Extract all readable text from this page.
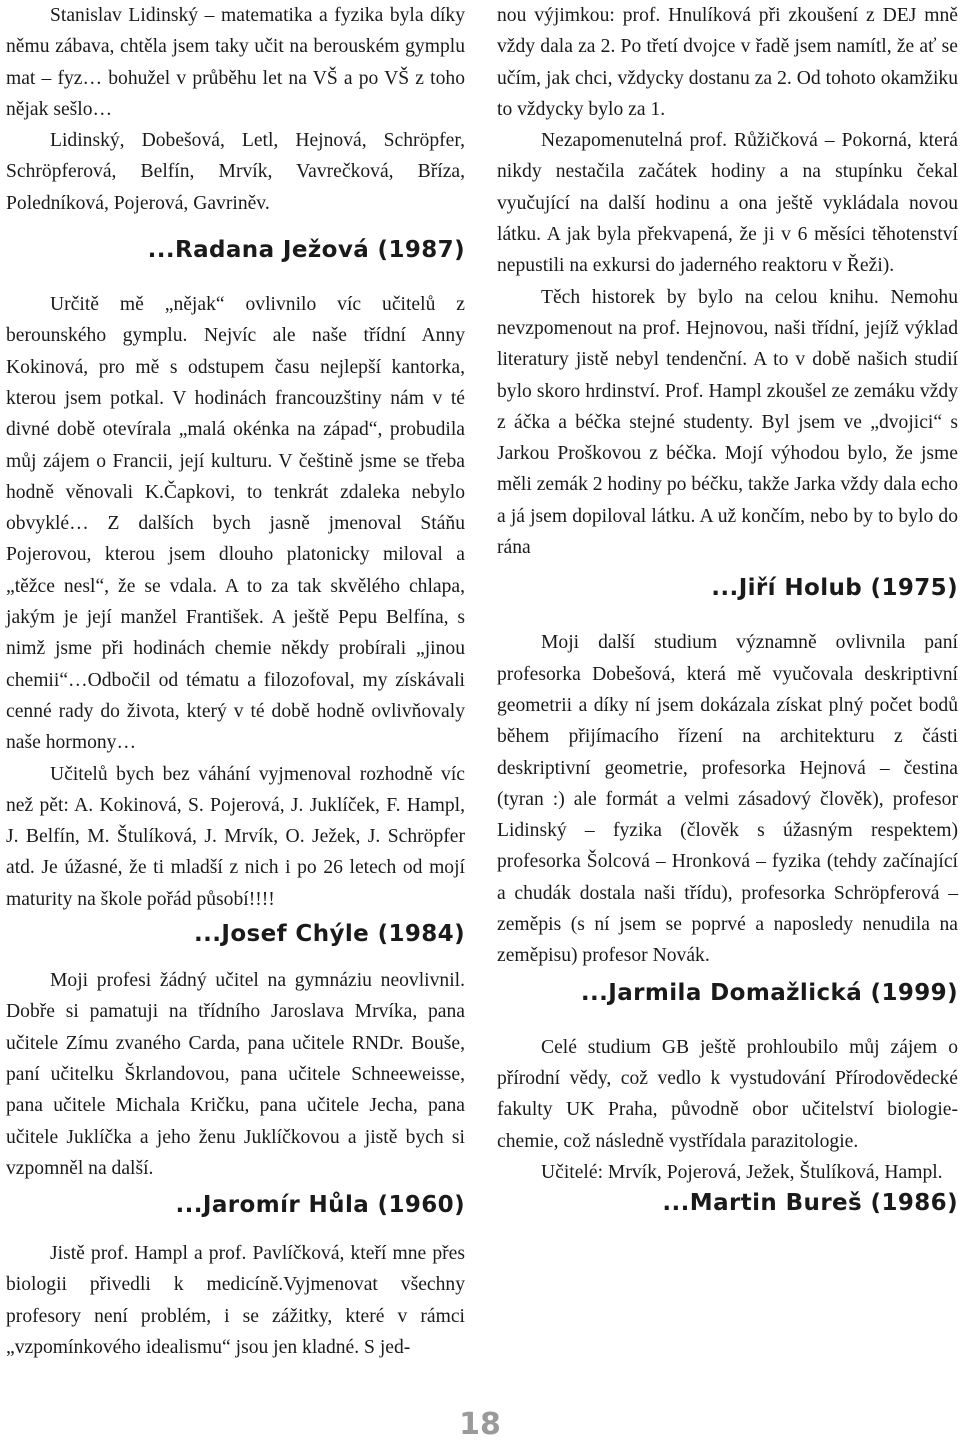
Stanislav Lidinský – matematika a fyzika byla díky němu zábava, chtěla jsem taky učit na berouském gymplu mat – fyz… bohužel v průběhu let na VŠ a po VŠ z toho nějak sešlo…

Lidinský, Dobešová, Letl, Hejnová, Schröpfer, Schröpferová, Belfín, Mrvík, Vavrečková, Bříza, Poledníková, Pojerová, Gavriněv.

...Radana Ježová (1987)

Určitě mě „nějak“ ovlivnilo víc učitelů z berounského gymplu. Nejvíc ale naše třídní Anny Kokinová, pro mě s odstupem času nejlepší kantorka, kterou jsem potkal. V hodinách francouzštiny nám v té divné době otevírala „malá okénka na západ“, probudila můj zájem o Francii, její kulturu. V češtině jsme se třeba hodně věnovali K.Čapkovi, to tenkrát zdaleka nebylo obvyklé… Z dalších bych jasně jmenoval Stáňu Pojerovou, kterou jsem dlouho platonicky miloval a „těžce nesl“, že se vdala. A to za tak skvělého chlapa, jakým je její manžel František. A ještě Pepu Belfína, s nimž jsme při hodinách chemie někdy probírali „jinou chemii“…Odbočil od tématu a filozofoval, my získávali cenné rady do života, který v té době hodně ovlivňovaly naše hormony…

Učitelů bych bez váhání vyjmenoval rozhodně víc než pět: A. Kokinová, S. Pojerová, J. Juklíček, F. Hampl, J. Belfín, M. Štulíková, J. Mrvík, O. Ježek, J. Schröpfer atd. Je úžasné, že ti mladší z nich i po 26 letech od mojí maturity na škole pořád působí!!!!

...Josef Chýle (1984)

Moji profesi žádný učitel na gymnáziu neovlivnil. Dobře si pamatuji na třídního Jaroslava Mrvíka, pana učitele Zímu zvaného Carda, pana učitele RNDr. Bouše, paní učitelku Škrlandovou, pana učitele Schneeweisse, pana učitele Michala Kričku, pana učitele Jecha, pana učitele Juklíčka a jeho ženu Juklíčkovou a jistě bych si vzpomněl na další.

...Jaromír Hůla (1960)

Jistě prof. Hampl a prof. Pavlíčková, kteří mne přes biologii přivedli k medicíně.Vyjmenovat všechny profesory není problém, i se zážitky, které v rámci „vzpomínkového idealismu“ jsou jen kladné. S jed-

nou výjimkou: prof. Hnulíková při zkoušení z DEJ mně vždy dala za 2. Po třetí dvojce v řadě jsem namítl, že ať se učím, jak chci, vždycky dostanu za 2. Od tohoto okamžiku to vždycky bylo za 1.

Nezapomenutelná prof. Růžičková – Pokorná, která nikdy nestačila začátek hodiny a na stupínku čekal vyučující na další hodinu a ona ještě vykládala novou látku. A jak byla překvapená, že ji v 6 měsíci těhotenství nepustili na exkursi do jaderného reaktoru v Řeži).

Těch historek by bylo na celou knihu. Nemohu nevzpomenout na prof. Hejnovou, naši třídní, jejíž výklad literatury jistě nebyl tendenční. A to v době našich studií bylo skoro hrdinství. Prof. Hampl zkoušel ze zemáku vždy z áčka a béčka stejné studenty. Byl jsem ve „dvojici“ s Jarkou Proškovou z béčka. Mojí výhodou bylo, že jsme měli zemák 2 hodiny po béčku, takže Jarka vždy dala echo a já jsem dopiloval látku. A už končím, nebo by to bylo do rána

...Jiří Holub (1975)

Moji další studium významně ovlivnila paní profesorka Dobešová, která mě vyučovala deskriptivní geometrii a díky ní jsem dokázala získat plný počet bodů během přijímacího řízení na architekturu z části deskriptivní geometrie, profesorka Hejnová – čestina (tyran :) ale formát a velmi zásadový člověk), profesor Lidinský – fyzika (člověk s úžasným respektem) profesorka Šolcová – Hronková – fyzika (tehdy začínající a chudák dostala naši třídu), profesorka Schröpferová – zeměpis (s ní jsem se poprvé a naposledy nenudila na zeměpisu) profesor Novák.

...Jarmila Domažlická (1999)

Celé studium GB ještě prohloubilo můj zájem o přírodní vědy, což vedlo k vystudování Přírodovědecké fakulty UK Praha, původně obor učitelství biologie-chemie, což následně vystřídala parazitologie.

Učitelé: Mrvík, Pojerová, Ježek, Štulíková, Hampl.

...Martin Bureš (1986)

18
